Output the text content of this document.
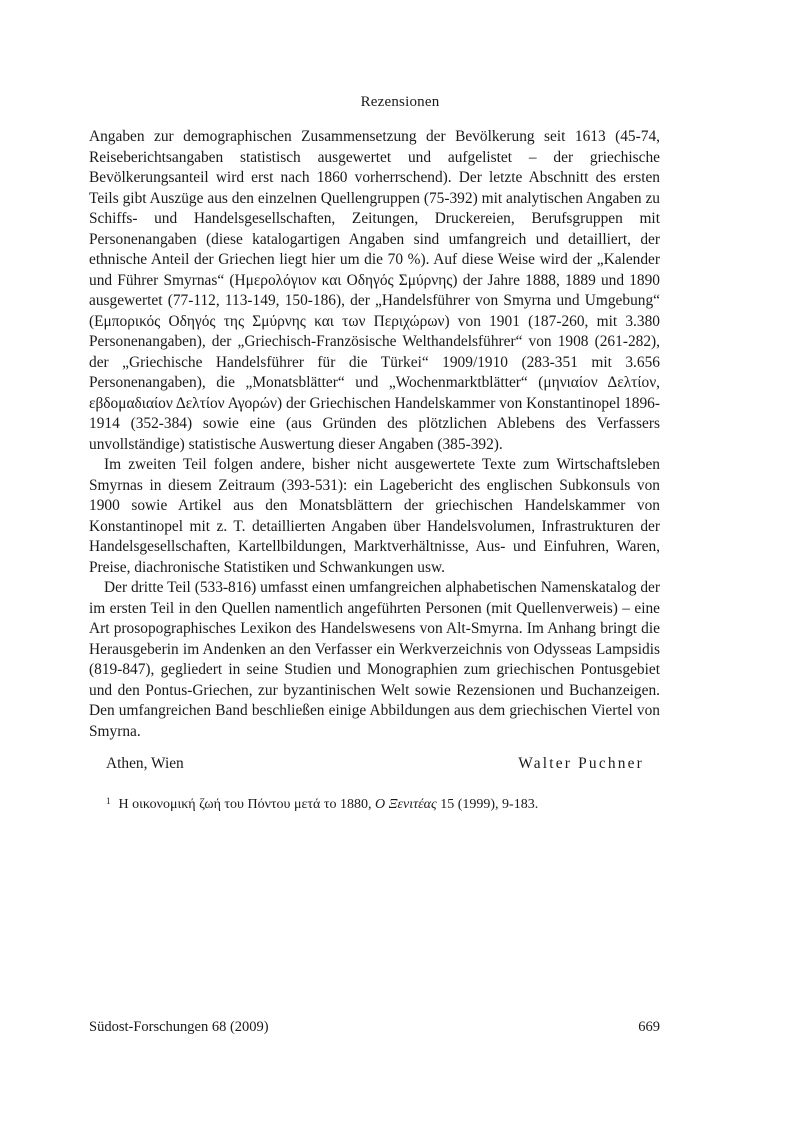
Rezensionen

Angaben zur demographischen Zusammensetzung der Bevölkerung seit 1613 (45-74, Reiseberichtsangaben statistisch ausgewertet und aufgelistet – der griechische Bevölkerungsanteil wird erst nach 1860 vorherrschend). Der letzte Abschnitt des ersten Teils gibt Auszüge aus den einzelnen Quellengruppen (75-392) mit analytischen Angaben zu Schiffs- und Handelsgesellschaften, Zeitungen, Druckereien, Berufsgruppen mit Personenangaben (diese katalogartigen Angaben sind umfangreich und detailliert, der ethnische Anteil der Griechen liegt hier um die 70 %). Auf diese Weise wird der „Kalender und Führer Smyrnas“ (Ημερολόγιον και Οδηγός Σμύρνης) der Jahre 1888, 1889 und 1890 ausgewertet (77-112, 113-149, 150-186), der „Handelsführer von Smyrna und Umgebung“ (Εμπορικός Οδηγός της Σμύρνης και των Περιχώρων) von 1901 (187-260, mit 3.380 Personenangaben), der „Griechisch-Französische Welthandelsführer“ von 1908 (261-282), der „Griechische Handelsführer für die Türkei“ 1909/1910 (283-351 mit 3.656 Personenangaben), die „Monatsblätter“ und „Wochenmarktblätter“ (μηνιαίον Δελτίον, εβδομαδιαίον Δελτίον Αγορών) der Griechischen Handelskammer von Konstantinopel 1896-1914 (352-384) sowie eine (aus Gründen des plötzlichen Ablebens des Verfassers unvollständige) statistische Auswertung dieser Angaben (385-392).

Im zweiten Teil folgen andere, bisher nicht ausgewertete Texte zum Wirtschaftsleben Smyrnas in diesem Zeitraum (393-531): ein Lagebericht des englischen Subkonsuls von 1900 sowie Artikel aus den Monatsblättern der griechischen Handelskammer von Konstantinopel mit z. T. detaillierten Angaben über Handelsvolumen, Infrastrukturen der Handelsgesellschaften, Kartellbildungen, Marktverhältnisse, Aus- und Einfuhren, Waren, Preise, diachronische Statistiken und Schwankungen usw.

Der dritte Teil (533-816) umfasst einen umfangreichen alphabetischen Namenskatalog der im ersten Teil in den Quellen namentlich angeführten Personen (mit Quellenverweis) – eine Art prosopographisches Lexikon des Handelswesens von Alt-Smyrna. Im Anhang bringt die Herausgeberin im Andenken an den Verfasser ein Werkverzeichnis von Odysseas Lampsidis (819-847), gegliedert in seine Studien und Monographien zum griechischen Pontusgebiet und den Pontus-Griechen, zur byzantinischen Welt sowie Rezensionen und Buchanzeigen. Den umfangreichen Band beschließen einige Abbildungen aus dem griechischen Viertel von Smyrna.

Athen, Wien	Walter Puchner
$^1$ Η οικονομική ζωή του Πόντου μετά το 1880, Ο Ξενιτέας 15 (1999), 9-183.
Südost-Forschungen 68 (2009)	669
